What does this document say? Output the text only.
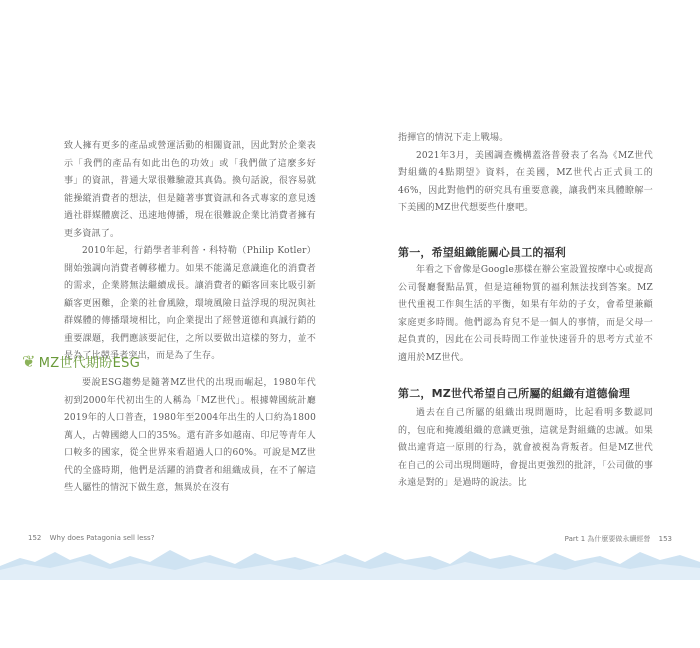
致人擁有更多的產品或營運活動的相關資訊，因此對於企業表示「我們的產品有如此出色的功效」或「我們做了這麼多好事」的資訊，普通大眾很難驗證其真偽。換句話說，很容易就能操縱消費者的想法，但是隨著事實資訊和各式專家的意見透過社群媒體廣泛、迅速地傳播，現在很難說企業比消費者擁有更多資訊了。

2010年起，行銷學者菲利普・科特勒（Philip Kotler）開始強調向消費者轉移權力。如果不能滿足意識進化的消費者的需求，企業將無法繼續成長。讓消費者的顧客回來比吸引新顧客更困難，企業的社會風險，環境風險日益浮現的現況與社群媒體的傳播環境相比，向企業提出了經營道德和真誠行銷的重要課題，我們應該要記住，之所以要做出這樣的努力，並不是為了比競爭者突出，而是為了生存。

❦ MZ世代期盼ESG

要說ESG趨勢是隨著MZ世代的出現而崛起，1980年代初到2000年代初出生的人稱為「MZ世代」。根據韓國統計廳2019年的人口普查，1980年至2004年出生的人口約為1800萬人，占韓國總人口的35%。還有許多如越南、印尼等青年人口較多的國家，從全世界來看超過人口的60%。可說是MZ世代的全盛時期，他們是活躍的消費者和組織成員，在不了解這些人屬性的情況下做生意，無異於在沒有

152 Why does Patagonia sell less?

指揮官的情況下走上戰場。

2021年3月，美國調查機構蓋洛普發表了名為《MZ世代對組織的4點期望》資料，在美國，MZ世代占正式員工的46%，因此對他們的研究具有重要意義，讓我們來具體瞭解一下美國的MZ世代想要些什麼吧。

第一，希望組織能關心員工的福利

年看之下會像是Google那樣在辦公室設置按摩中心或提高公司餐廳餐點品質，但是這種物質的福利無法找到答案。MZ世代重視工作與生活的平衡，如果有年幼的子女，會希望兼顧家庭更多時間。他們認為育兒不是一個人的事情，而是父母一起負責的，因此在公司長時間工作並快速晉升的思考方式並不適用於MZ世代。

第二，MZ世代希望自己所屬的組織有道德倫理

過去在自己所屬的組織出現問題時，比起看明多數認同的，包庇和掩護組織的意識更強，這就是對組織的忠誠。如果做出違背這一原則的行為，就會被視為背叛者。但是MZ世代在自己的公司出現問題時，會提出更強烈的批評，「公司做的事永遠是對的」是過時的說法。比

Part 1 為什麼要做永續經營 153
